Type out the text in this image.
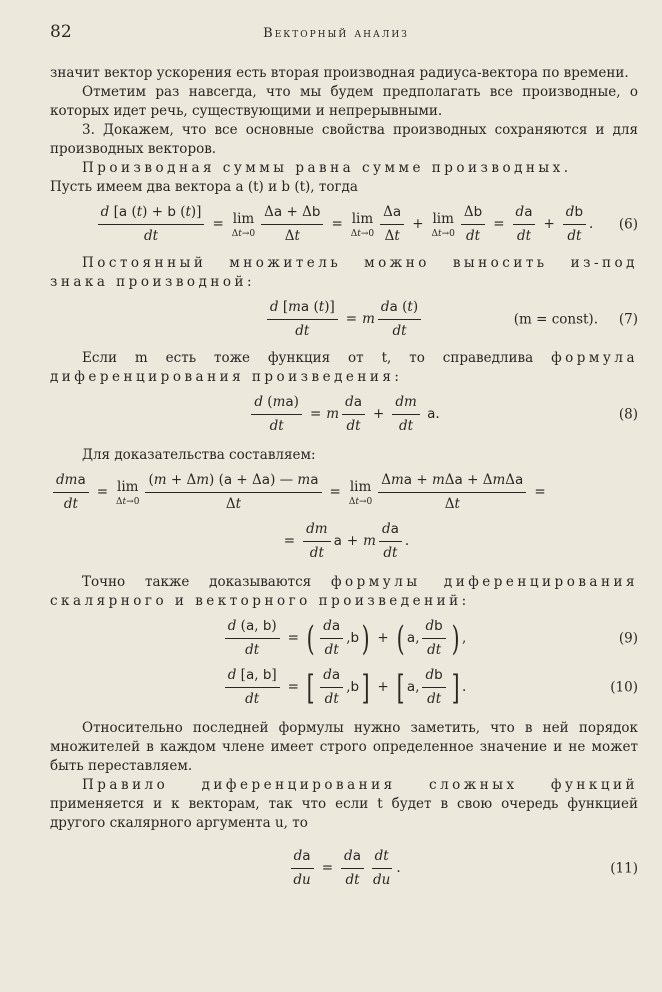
82	Векторный анализ

значит вектор ускорения есть вторая производная радиуса-вектора по времени.

Отметим раз навсегда, что мы будем предполагать все производные, о которых идет речь, существующими и непрерывными.

3. Докажем, что все основные свойства производных сохраняются и для производных векторов.

Производная суммы равна сумме производных.

Пусть имеем два вектора a (t) и b (t), тогда

$\frac{d [a (t) + b (t)]}{dt} = \lim$
$\Delta t\to 0 \frac{\Delta a + \Delta b}{\Delta t} = \lim$
$\Delta t\to 0 \frac{\Delta a}{\Delta t} + \lim$
$\Delta t\to 0 \frac{\Delta b}{dt} = \frac{da}{dt} + \frac{db}{dt}$ . (6)

Постоянный множитель можно выносить из-под знака производной:

$\frac{d [ma (t)]}{dt} = m \frac{da (t)}{dt}$	(m = const). (7)

Если m есть тоже функция от t, то справедлива формула диференцирования произведения:

$\frac{d (ma)}{dt} = m \frac{da}{dt} + \frac{dm}{dt}$
a .	(8)

Для доказательства составляем:

$\frac{\text{dma}}{dt} = \lim$
$\Delta t\to 0 \frac{(m + \Delta m) (a + \Delta a) — ma}{\Delta t} = \lim$
$\Delta t\to 0 \frac{\text{Δma + mΔa + ΔmΔa}}{\Delta t}$ =
= $\frac{dm}{dt}$ a + m $\frac{da}{dt}$ .

Точно также доказываются формулы диференцирования скалярного и векторного произведений:

$\frac{d (a, b)}{dt}$ = ( $\frac{da}{dt}$ , b ) + ( a , $\frac{db}{dt}$ ) ,	(9)
$\frac{d [a, b]}{dt}$ = [ $\frac{da}{dt}$ , b ] + [ a , $\frac{db}{dt}$ ] .	(10)

Относительно последней формулы нужно заметить, что в ней порядок множителей в каждом члене имеет строго определенное значение и не может быть переставляем.

Правило диференцирования сложных функций применяется и к векторам, так что если t будет в свою очередь функцией другого скалярного аргумента u, то

$\frac{da}{du} = \frac{da}{dt} \frac{dt}{du}$ .	(11)
